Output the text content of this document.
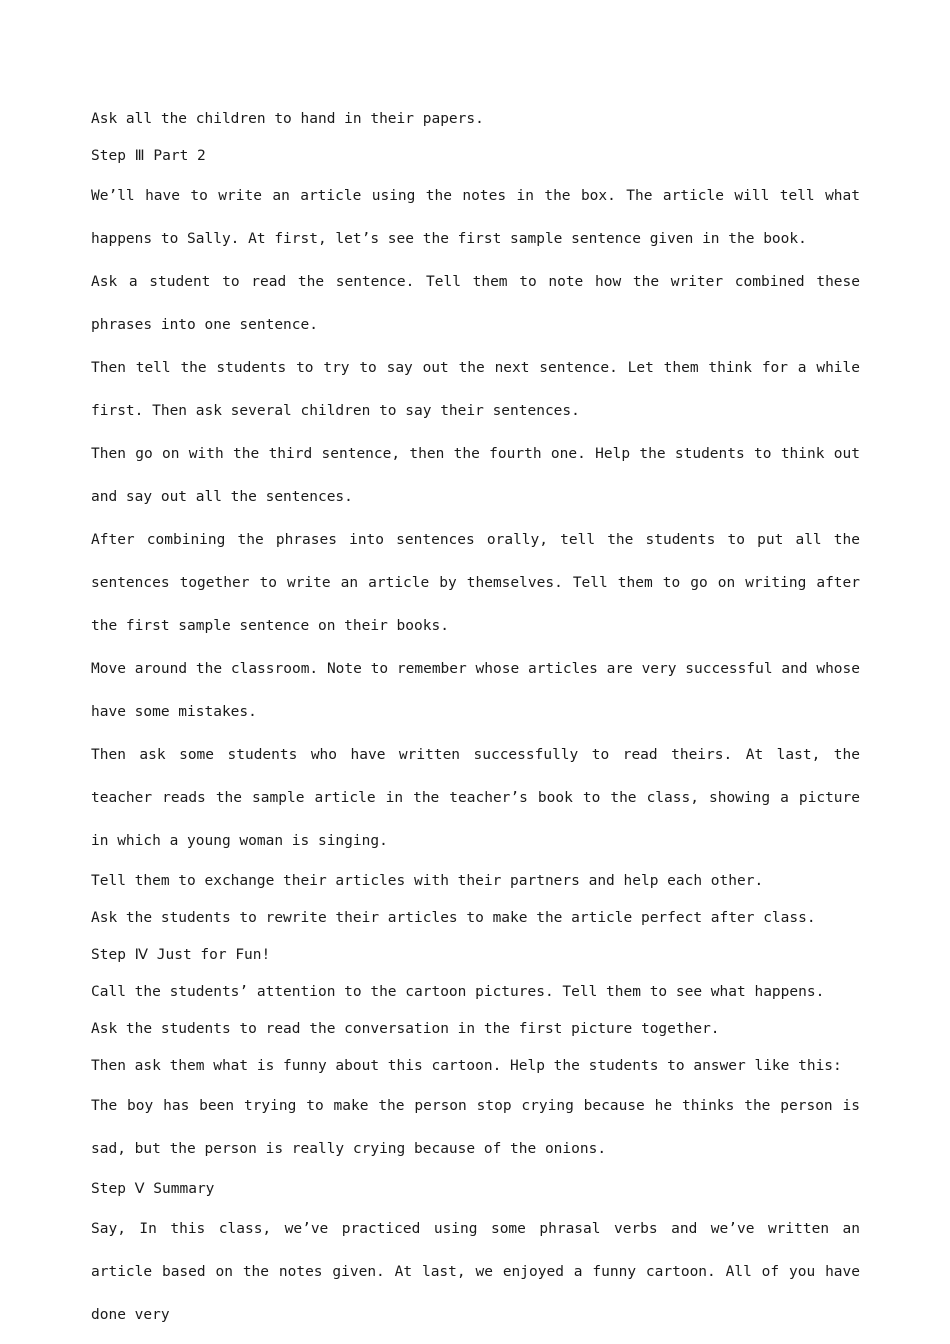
Ask all the children to hand in their papers.

Step Ⅲ Part 2

We’ll have to write an article using the notes in the box. The article will tell what happens to Sally. At first, let’s see the first sample sentence given in the book.

Ask a student to read the sentence. Tell them to note how the writer combined these phrases into one sentence.

Then tell the students to try to say out the next sentence. Let them think for a while first. Then ask several children to say their sentences.

Then go on with the third sentence, then the fourth one. Help the students to think out and say out all the sentences.

After combining the phrases into sentences orally, tell the students to put all the sentences together to write an article by themselves. Tell them to go on writing after the first sample sentence on their books.

Move around the classroom. Note to remember whose articles are very successful and whose have some mistakes.

Then ask some students who have written successfully to read theirs. At last, the teacher reads the sample article in the teacher’s book to the class, showing a picture in which a young woman is singing.

Tell them to exchange their articles with their partners and help each other.

Ask the students to rewrite their articles to make the article perfect after class.

Step Ⅳ Just for Fun!

Call the students’ attention to the cartoon pictures. Tell them to see what happens.

Ask the students to read the conversation in the first picture together.

Then ask them what is funny about this cartoon. Help the students to answer like this:

The boy has been trying to make the person stop crying because he thinks the person is sad, but the person is really crying because of the onions.

Step Ⅴ Summary

Say, In this class, we’ve practiced using some phrasal verbs and we’ve written an article based on the notes given. At last, we enjoyed a funny cartoon. All of you have done very
